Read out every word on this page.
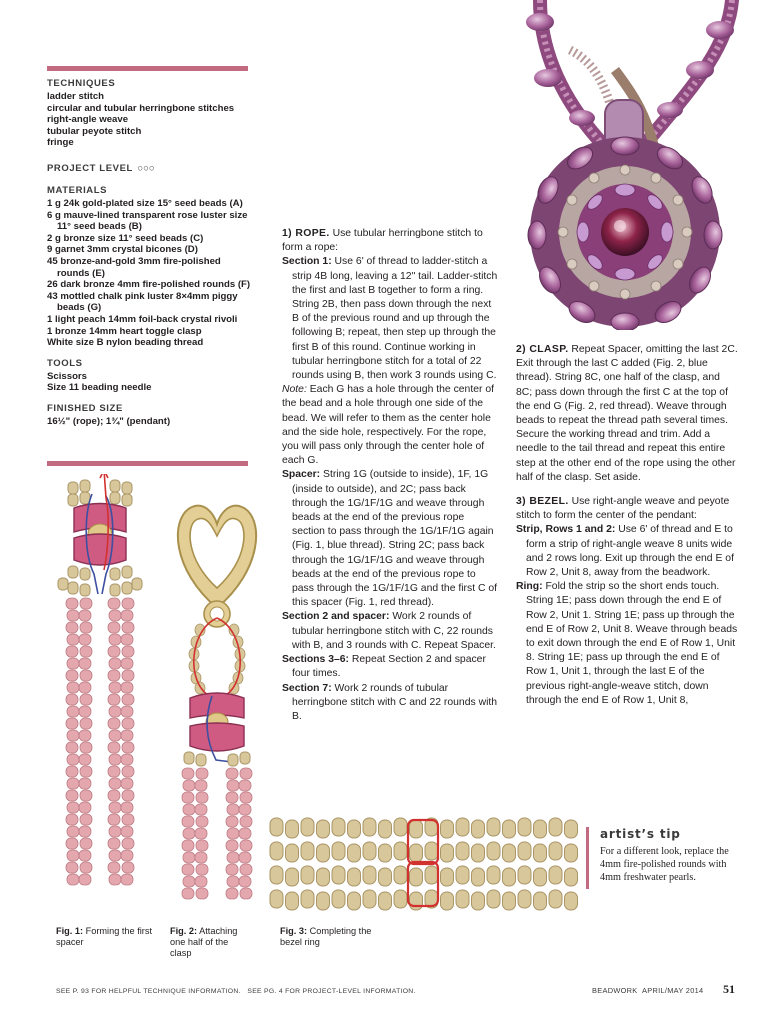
TECHNIQUES
ladder stitch
circular and tubular herringbone stitches
right-angle weave
tubular peyote stitch
fringe
PROJECT LEVEL ○○○
MATERIALS
1 g 24k gold-plated size 15° seed beads (A)
6 g mauve-lined transparent rose luster size 11° seed beads (B)
2 g bronze size 11° seed beads (C)
9 garnet 3mm crystal bicones (D)
45 bronze-and-gold 3mm fire-polished rounds (E)
26 dark bronze 4mm fire-polished rounds (F)
43 mottled chalk pink luster 8×4mm piggy beads (G)
1 light peach 14mm foil-back crystal rivoli
1 bronze 14mm heart toggle clasp
White size B nylon beading thread
TOOLS
Scissors
Size 11 beading needle
FINISHED SIZE
16½" (rope); 1¾" (pendant)
1) ROPE. Use tubular herringbone stitch to form a rope:
Section 1: Use 6' of thread to ladder-stitch a strip 4B long, leaving a 12" tail. Ladder-stitch the first and last B together to form a ring. String 2B, then pass down through the next B of the previous round and up through the following B; repeat, then step up through the first B of this round. Continue working in tubular herringbone stitch for a total of 22 rounds using B, then work 3 rounds using C.
Note: Each G has a hole through the center of the bead and a hole through one side of the bead. We will refer to them as the center hole and the side hole, respectively. For the rope, you will pass only through the center hole of each G.
Spacer: String 1G (outside to inside), 1F, 1G (inside to outside), and 2C; pass back through the 1G/1F/1G and weave through beads at the end of the previous rope section to pass through the 1G/1F/1G again (Fig. 1, blue thread). String 2C; pass back through the 1G/1F/1G and weave through beads at the end of the previous rope to pass through the 1G/1F/1G and the first C of this spacer (Fig. 1, red thread).
Section 2 and spacer: Work 2 rounds of tubular herringbone stitch with C, 22 rounds with B, and 3 rounds with C. Repeat Spacer.
Sections 3–6: Repeat Section 2 and spacer four times.
Section 7: Work 2 rounds of tubular herringbone stitch with C and 22 rounds with B.
2) CLASP. Repeat Spacer, omitting the last 2C. Exit through the last C added (Fig. 2, blue thread). String 8C, one half of the clasp, and 8C; pass down through the first C at the top of the end G (Fig. 2, red thread). Weave through beads to repeat the thread path several times. Secure the working thread and trim. Add a needle to the tail thread and repeat this entire step at the other end of the rope using the other half of the clasp. Set aside.
3) BEZEL. Use right-angle weave and peyote stitch to form the center of the pendant:
Strip, Rows 1 and 2: Use 6' of thread and E to form a strip of right-angle weave 8 units wide and 2 rows long. Exit up through the end E of Row 2, Unit 8, away from the beadwork.
Ring: Fold the strip so the short ends touch. String 1E; pass down through the end E of Row 2, Unit 1. String 1E; pass up through the end E of Row 2, Unit 8. Weave through beads to exit down through the end E of Row 1, Unit 8. String 1E; pass up through the end E of Row 1, Unit 1, through the last E of the previous right-angle-weave stitch, down through the end E of Row 1, Unit 8,
artist’s tip
For a different look, replace the 4mm fire-polished rounds with 4mm freshwater pearls.
Fig. 1: Forming the first spacer
Fig. 2: Attaching one half of the clasp
Fig. 3: Completing the bezel ring
SEE P. 93 FOR HELPFUL TECHNIQUE INFORMATION.   SEE PG. 4 FOR PROJECT-LEVEL INFORMATION.	BEADWORK APRIL/MAY 2014 51
